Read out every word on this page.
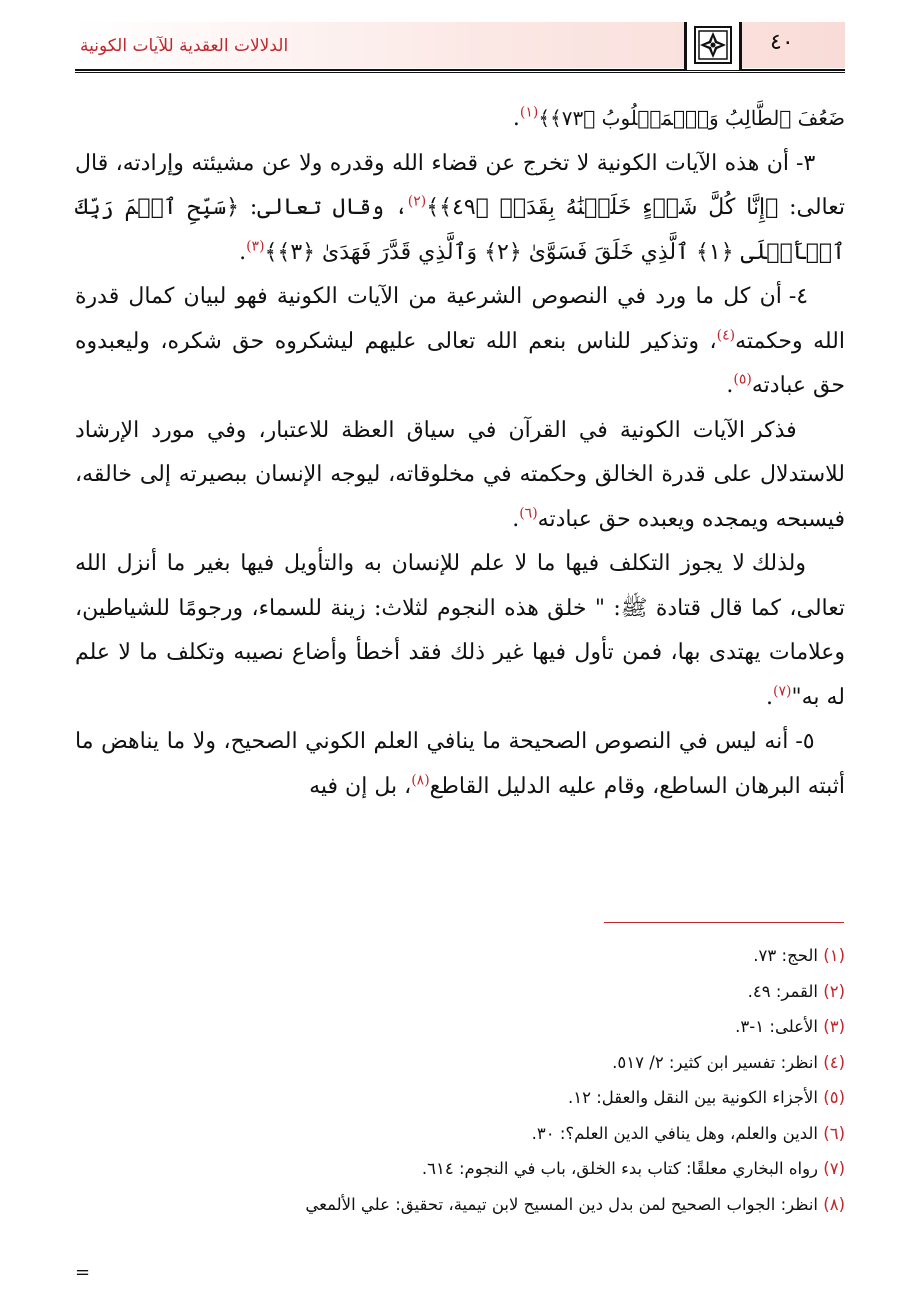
الدلالات العقدية للآيات الكونية	٤٠

ضَعُفَ ٱلطَّالِبُ وَٱلۡمَطۡلُوبُ ﴿٧٣﴾﴾$^{(١)}$.

٣- أن هذه الآيات الكونية لا تخرج عن قضاء الله وقدره ولا عن مشيئته وإرادته، قال تعالى: ﴿إِنَّا كُلَّ شَيۡءٍ خَلَقۡنَٰهُ بِقَدَرٖ ﴿٤٩﴾﴾$^{(٢)}$، وقال تعالى: ﴿سَبِّحِ ٱسۡمَ رَبِّكَ ٱلۡأَعۡلَى ﴿١﴾ ٱلَّذِي خَلَقَ فَسَوَّىٰ ﴿٢﴾ وَٱلَّذِي قَدَّرَ فَهَدَىٰ ﴿٣﴾﴾$^{(٣)}$.

٤- أن كل ما ورد في النصوص الشرعية من الآيات الكونية فهو لبيان كمال قدرة الله وحكمته$^{(٤)}$، وتذكير للناس بنعم الله تعالى عليهم ليشكروه حق شكره، وليعبدوه حق عبادته$^{(٥)}$.

فذكر الآيات الكونية في القرآن في سياق العظة للاعتبار، وفي مورد الإرشاد للاستدلال على قدرة الخالق وحكمته في مخلوقاته، ليوجه الإنسان ببصيرته إلى خالقه، فيسبحه ويمجده ويعبده حق عبادته$^{(٦)}$.

ولذلك لا يجوز التكلف فيها ما لا علم للإنسان به والتأويل فيها بغير ما أنزل الله تعالى، كما قال قتادة ﷺ: " خلق هذه النجوم لثلاث: زينة للسماء، ورجومًا للشياطين، وعلامات يهتدى بها، فمن تأول فيها غير ذلك فقد أخطأ وأضاع نصيبه وتكلف ما لا علم له به"$^{(٧)}$.

٥- أنه ليس في النصوص الصحيحة ما ينافي العلم الكوني الصحيح، ولا ما يناهض ما أثبته البرهان الساطع، وقام عليه الدليل القاطع$^{(٨)}$، بل إن فيه

(١) الحج: ٧٣.
(٢) القمر: ٤٩.
(٣) الأعلى: ١-٣.
(٤) انظر: تفسير ابن كثير: ٢/ ٥١٧.
(٥) الأجزاء الكونية بين النقل والعقل: ١٢.
(٦) الدين والعلم، وهل ينافي الدين العلم؟: ٣٠.
(٧) رواه البخاري معلقًا: كتاب بدء الخلق، باب في النجوم: ٦١٤.
(٨) انظر: الجواب الصحيح لمن بدل دين المسيح لابن تيمية، تحقيق: علي الألمعي
=
